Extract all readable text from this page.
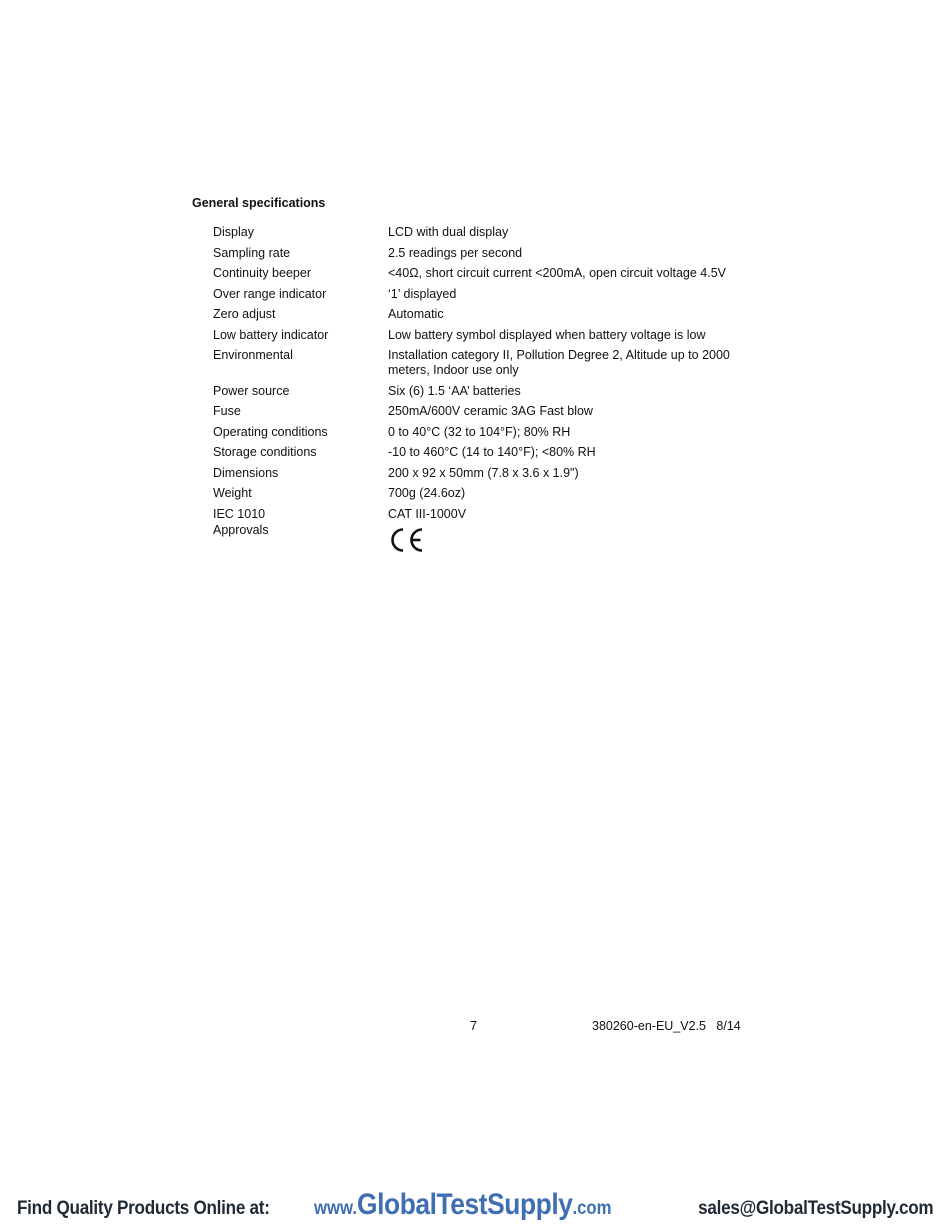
General specifications
Display	LCD with dual display
Sampling rate	2.5 readings per second
Continuity beeper	<40Ω, short circuit current <200mA, open circuit voltage 4.5V
Over range indicator	‘1’ displayed
Zero adjust	Automatic
Low battery indicator	Low battery symbol displayed when battery voltage is low
Environmental	Installation category II, Pollution Degree 2, Altitude up to 2000 meters, Indoor use only
Power source	Six (6) 1.5 ‘AA’ batteries
Fuse	250mA/600V ceramic 3AG Fast blow
Operating conditions	0 to 40°C (32 to 104°F); 80% RH
Storage conditions	-10 to 460°C (14 to 140°F); <80% RH
Dimensions	200 x 92 x 50mm (7.8 x 3.6 x 1.9")
Weight	700g (24.6oz)
IEC 1010	CAT III-1000V
Approvals
7	380260-en-EU_V2.5   8/14
Find Quality Products Online at: www.GlobalTestSupply.com	sales@GlobalTestSupply.com
